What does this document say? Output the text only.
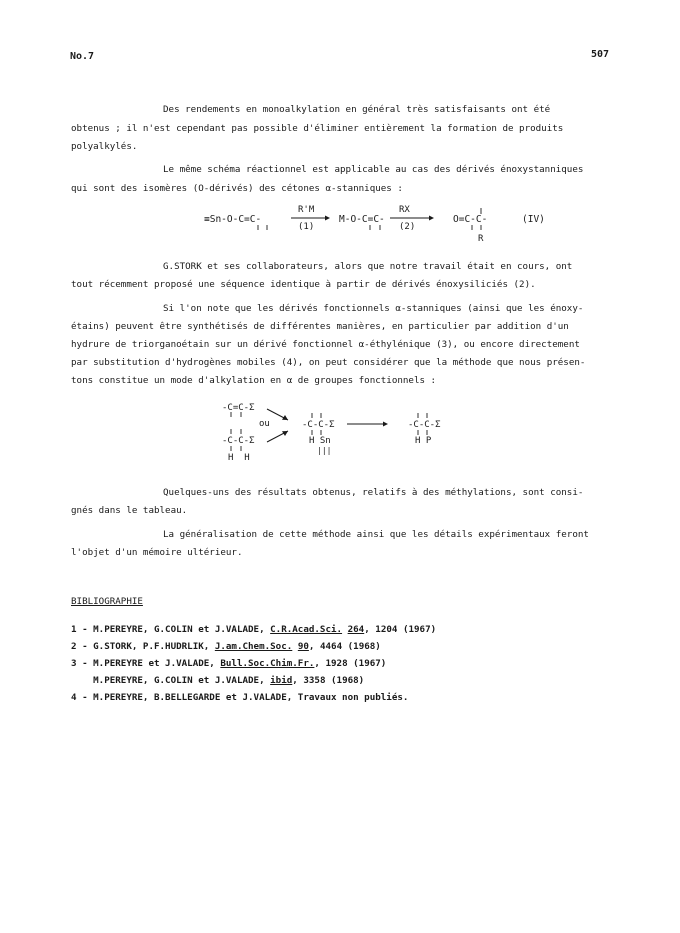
No.7	507
Des rendements en monoalkylation en général très satisfaisants ont été
obtenus ; il n'est cependant pas possible d'éliminer entièrement la formation de produits
polyalkylés.
Le même schéma réactionnel est applicable au cas des dérivés énoxystanniques
qui sont des isomères (O-dérivés) des cétones α-stanniques :
≡Sn-O-C=C-
R'M
(1)
M-O-C=C-
RX
(2)
O=C-C-
R
(IV)
G.STORK et ses collaborateurs, alors que notre travail était en cours, ont
tout récemment proposé une séquence identique à partir de dérivés énoxysiliciés (2).
Si l'on note que les dérivés fonctionnels α-stanniques (ainsi que les énoxy-
étains) peuvent être synthétisés de différentes manières, en particulier par addition d'un
hydrure de triorganoétain sur un dérivé fonctionnel α-éthylénique (3), ou encore directement
par substitution d'hydrogènes mobiles (4), on peut considérer que la méthode que nous présen-
tons constitue un mode d'alkylation en α de groupes fonctionnels :
-C=C-Σ
ou
-C-C-Σ
H  H
-C-C-Σ
H Sn
|||
-C-C-Σ
H P
Quelques-uns des résultats obtenus, relatifs à des méthylations, sont consi-
gnés dans le tableau.
La généralisation de cette méthode ainsi que les détails expérimentaux feront
l'objet d'un mémoire ultérieur.
BIBLIOGRAPHIE
1 - M.PEREYRE, G.COLIN et J.VALADE, C.R.Acad.Sci. 264, 1204 (1967)
2 - G.STORK, P.F.HUDRLIK, J.am.Chem.Soc. 90, 4464 (1968)
3 - M.PEREYRE et J.VALADE, Bull.Soc.Chim.Fr., 1928 (1967)
M.PEREYRE, G.COLIN et J.VALADE, ibid, 3358 (1968)
4 - M.PEREYRE, B.BELLEGARDE et J.VALADE, Travaux non publiés.
